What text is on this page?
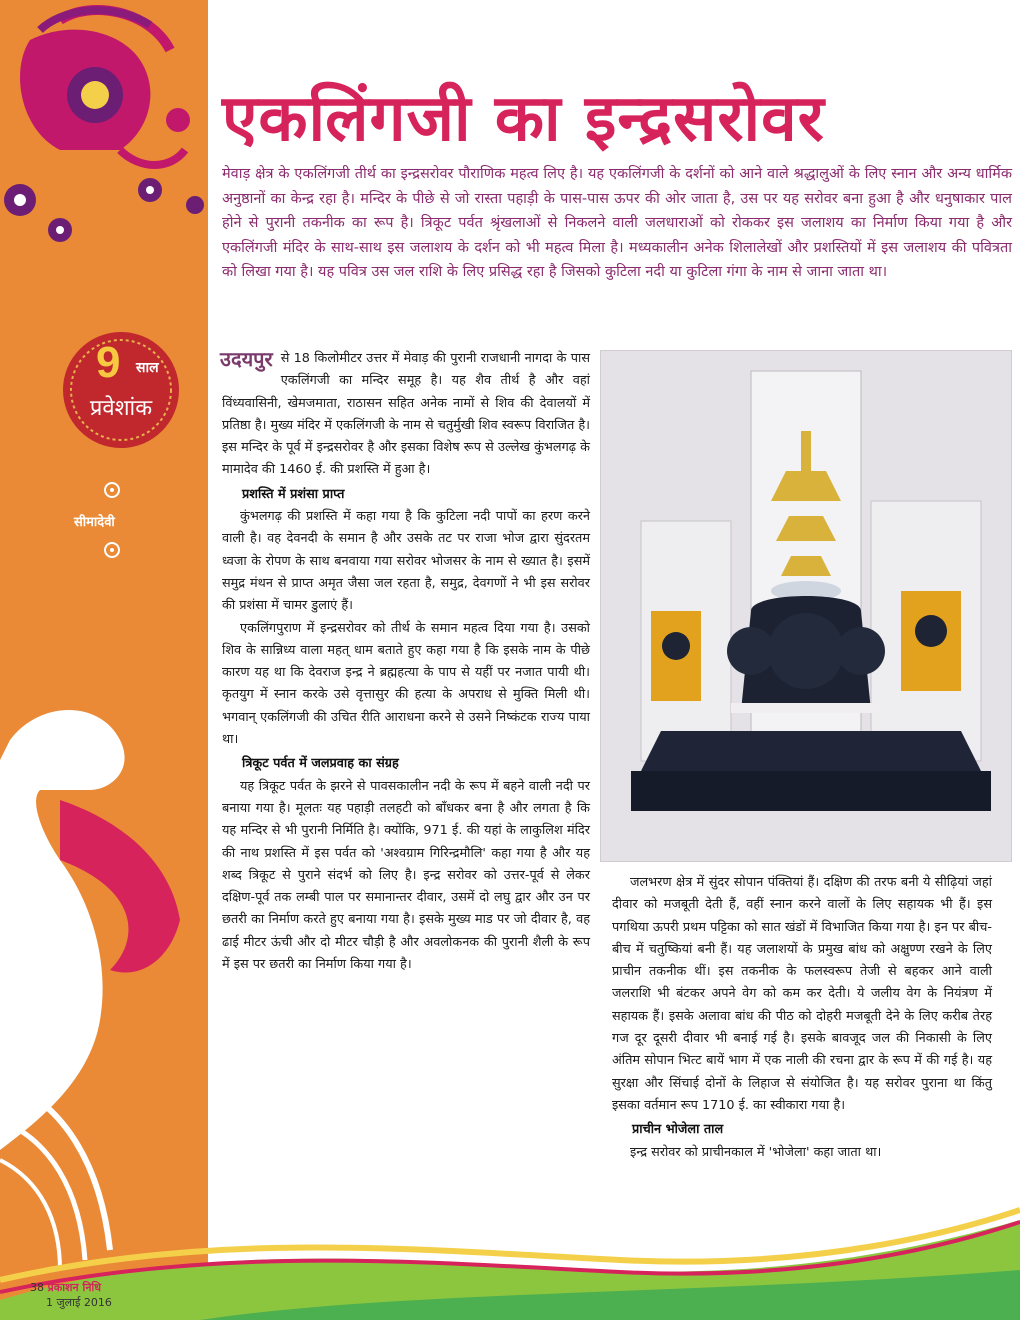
9 साल
प्रवेशांक
सीमादेवी
एकलिंगजी का इन्द्रसरोवर
मेवाड़ क्षेत्र के एकलिंगजी तीर्थ का इन्द्रसरोवर पौराणिक महत्व लिए है। यह एकलिंगजी के दर्शनों को आने वाले श्रद्धालुओं के लिए स्नान और अन्य धार्मिक अनुष्ठानों का केन्द्र रहा है। मन्दिर के पीछे से जो रास्ता पहाड़ी के पास-पास ऊपर की ओर जाता है, उस पर यह सरोवर बना हुआ है और धनुषाकार पाल होने से पुरानी तकनीक का रूप है। त्रिकूट पर्वत श्रृंखलाओं से निकलने वाली जलधाराओं को रोककर इस जलाशय का निर्माण किया गया है और एकलिंगजी मंदिर के साथ-साथ इस जलाशय के दर्शन को भी महत्व मिला है। मध्यकालीन अनेक शिलालेखों और प्रशस्तियों में इस जलाशय की पवित्रता को लिखा गया है। यह पवित्र उस जल राशि के लिए प्रसिद्ध रहा है जिसको कुटिला नदी या कुटिला गंगा के नाम से जाना जाता था।

उदयपुर से 18 किलोमीटर उत्तर में मेवाड़ की पुरानी राजधानी नागदा के पास एकलिंगजी का मन्दिर समूह है। यह शैव तीर्थ है और वहां विंध्यवासिनी, खेमजमाता, राठासन सहित अनेक नामों से शिव की देवालयों में प्रतिष्ठा है। मुख्य मंदिर में एकलिंगजी के नाम से चतुर्मुखी शिव स्वरूप विराजित है। इस मन्दिर के पूर्व में इन्द्रसरोवर है और इसका विशेष रूप से उल्लेख कुंभलगढ़ के मामादेव की 1460 ई. की प्रशस्ति में हुआ है।

प्रशस्ति में प्रशंसा प्राप्त

कुंभलगढ़ की प्रशस्ति में कहा गया है कि कुटिला नदी पापों का हरण करने वाली है। वह देवनदी के समान है और उसके तट पर राजा भोज द्वारा सुंदरतम ध्वजा के रोपण के साथ बनवाया गया सरोवर भोजसर के नाम से ख्यात है। इसमें समुद्र मंथन से प्राप्त अमृत जैसा जल रहता है, समुद्र, देवगणों ने भी इस सरोवर की प्रशंसा में चामर डुलाएं हैं।

एकलिंगपुराण में इन्द्रसरोवर को तीर्थ के समान महत्व दिया गया है। उसको शिव के सान्निध्य वाला महत् धाम बताते हुए कहा गया है कि इसके नाम के पीछे कारण यह था कि देवराज इन्द्र ने ब्रह्महत्या के पाप से यहीं पर नजात पायी थी। कृतयुग में स्नान करके उसे वृत्तासुर की हत्या के अपराध से मुक्ति मिली थी। भगवान् एकलिंगजी की उचित रीति आराधना करने से उसने निष्कंटक राज्य पाया था।

त्रिकूट पर्वत में जलप्रवाह का संग्रह

यह त्रिकूट पर्वत के झरने से पावसकालीन नदी के रूप में बहने वाली नदी पर बनाया गया है। मूलतः यह पहाड़ी तलहटी को बाँधकर बना है और लगता है कि यह मन्दिर से भी पुरानी निर्मिति है। क्योंकि, 971 ई. की यहां के लाकुलिश मंदिर की नाथ प्रशस्ति में इस पर्वत को 'अश्वग्राम गिरिन्द्रमौलि' कहा गया है और यह शब्द त्रिकूट से पुराने संदर्भ को लिए है। इन्द्र सरोवर को उत्तर-पूर्व से लेकर दक्षिण-पूर्व तक लम्बी पाल पर समानान्तर दीवार, उसमें दो लघु द्वार और उन पर छतरी का निर्माण करते हुए बनाया गया है। इसके मुख्य माड पर जो दीवार है, वह ढाई मीटर ऊंची और दो मीटर चौड़ी है और अवलोकनक की पुरानी शैली के रूप में इस पर छतरी का निर्माण किया गया है।

जलभरण क्षेत्र में सुंदर सोपान पंक्तियां हैं। दक्षिण की तरफ बनी ये सीढ़ियां जहां दीवार को मजबूती देती हैं, वहीं स्नान करने वालों के लिए सहायक भी हैं। इस पगथिया ऊपरी प्रथम पट्टिका को सात खंडों में विभाजित किया गया है। इन पर बीच-बीच में चतुष्कियां बनी हैं। यह जलाशयों के प्रमुख बांध को अक्षुण्ण रखने के लिए प्राचीन तकनीक थीं। इस तकनीक के फलस्वरूप तेजी से बहकर आने वाली जलराशि भी बंटकर अपने वेग को कम कर देती। ये जलीय वेग के नियंत्रण में सहायक हैं। इसके अलावा बांध की पीठ को दोहरी मजबूती देने के लिए करीब तेरह गज दूर दूसरी दीवार भी बनाई गई है। इसके बावजूद जल की निकासी के लिए अंतिम सोपान भित्ट बायें भाग में एक नाली की रचना द्वार के रूप में की गई है। यह सुरक्षा और सिंचाई दोनों के लिहाज से संयोजित है। यह सरोवर पुराना था किंतु इसका वर्तमान रूप 1710 ई. का स्वीकारा गया है।

प्राचीन भोजेला ताल

इन्द्र सरोवर को प्राचीनकाल में 'भोजेला' कहा जाता था।

38 प्रकाशन निधि
1 जुलाई 2016
